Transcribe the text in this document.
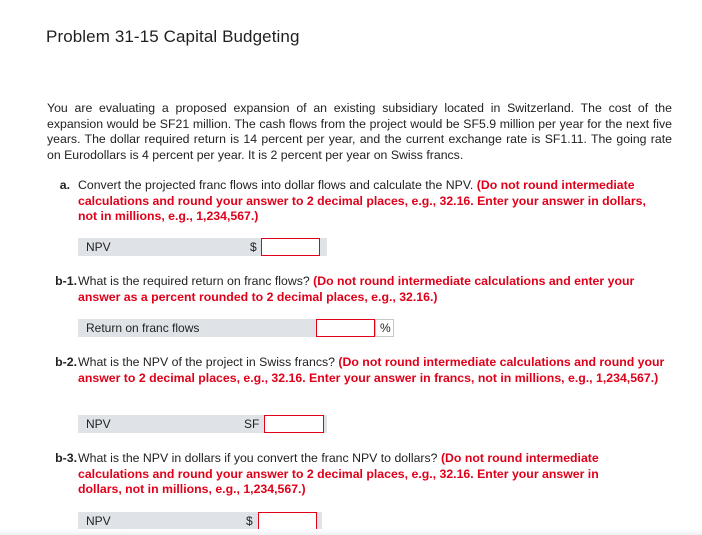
Problem 31-15 Capital Budgeting
You are evaluating a proposed expansion of an existing subsidiary located in Switzerland. The cost of the expansion would be SF21 million. The cash flows from the project would be SF5.9 million per year for the next five years. The dollar required return is 14 percent per year, and the current exchange rate is SF1.11. The going rate on Eurodollars is 4 percent per year. It is 2 percent per year on Swiss francs.
a. Convert the projected franc flows into dollar flows and calculate the NPV. (Do not round intermediate calculations and round your answer to 2 decimal places, e.g., 32.16. Enter your answer in dollars, not in millions, e.g., 1,234,567.)
NPV	$
b-1. What is the required return on franc flows? (Do not round intermediate calculations and enter your answer as a percent rounded to 2 decimal places, e.g., 32.16.)
Return on franc flows	%
b-2. What is the NPV of the project in Swiss francs? (Do not round intermediate calculations and round your answer to 2 decimal places, e.g., 32.16. Enter your answer in francs, not in millions, e.g., 1,234,567.)
NPV	SF
b-3. What is the NPV in dollars if you convert the franc NPV to dollars? (Do not round intermediate calculations and round your answer to 2 decimal places, e.g., 32.16. Enter your answer in dollars, not in millions, e.g., 1,234,567.)
NPV	$
